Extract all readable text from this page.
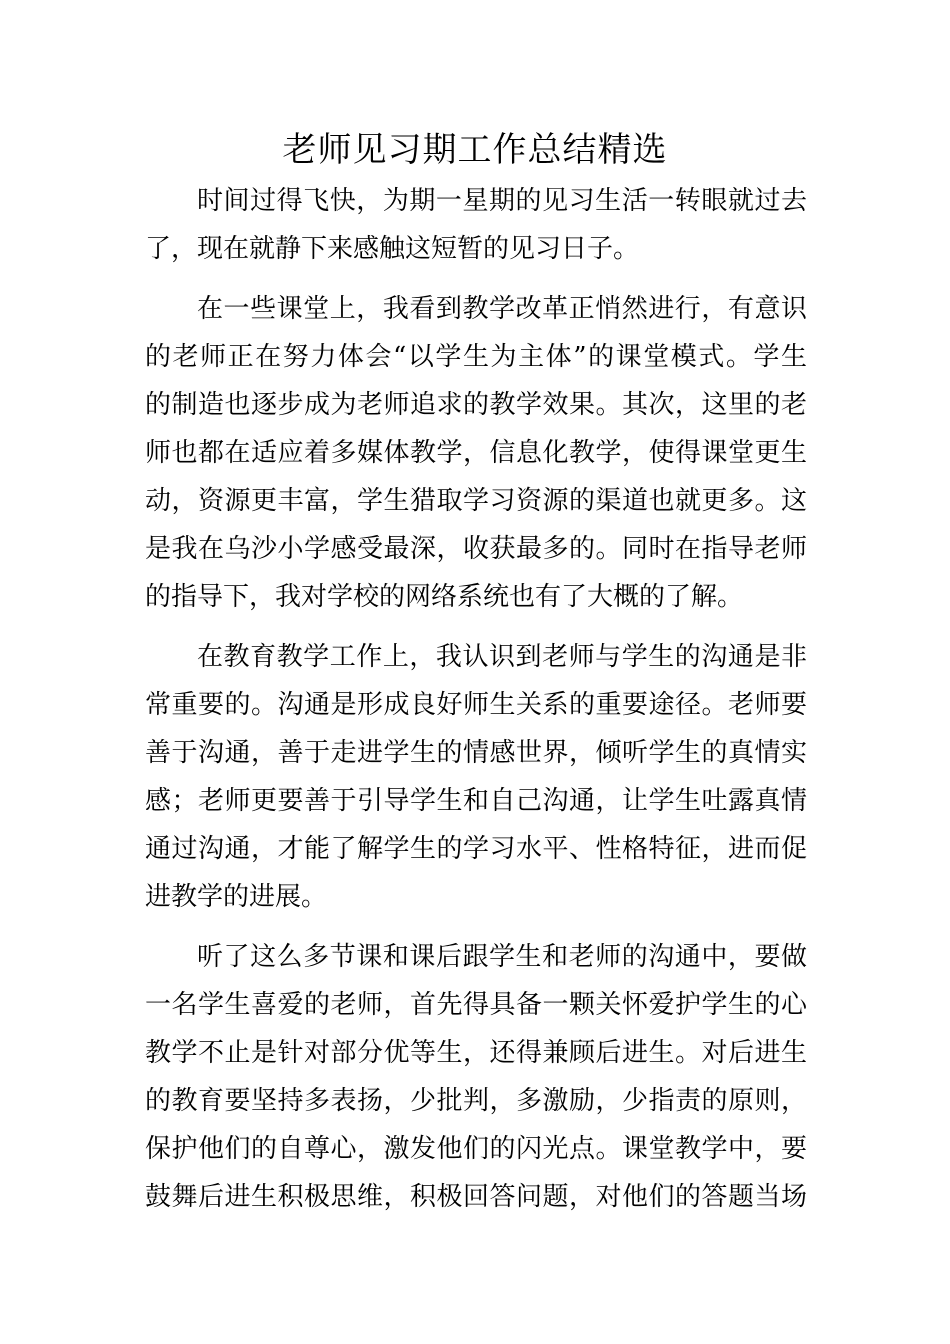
老师见习期工作总结精选

时间过得飞快，为期一星期的见习生活一转眼就过去
了，现在就静下来感触这短暂的见习日子。

在一些课堂上，我看到教学改革正悄然进行，有意识
的老师正在努力体会“以学生为主体”的课堂模式。学生
的制造也逐步成为老师追求的教学效果。其次，这里的老
师也都在适应着多媒体教学，信息化教学，使得课堂更生
动，资源更丰富，学生猎取学习资源的渠道也就更多。这
是我在乌沙小学感受最深，收获最多的。同时在指导老师
的指导下，我对学校的网络系统也有了大概的了解。

在教育教学工作上，我认识到老师与学生的沟通是非
常重要的。沟通是形成良好师生关系的重要途径。老师要
善于沟通，善于走进学生的情感世界，倾听学生的真情实
感；老师更要善于引导学生和自己沟通，让学生吐露真情
通过沟通，才能了解学生的学习水平、性格特征，进而促
进教学的进展。

听了这么多节课和课后跟学生和老师的沟通中，要做
一名学生喜爱的老师，首先得具备一颗关怀爱护学生的心
教学不止是针对部分优等生，还得兼顾后进生。对后进生
的教育要坚持多表扬，少批判，多激励，少指责的原则，
保护他们的自尊心，激发他们的闪光点。课堂教学中，要
鼓舞后进生积极思维，积极回答问题，对他们的答题当场
